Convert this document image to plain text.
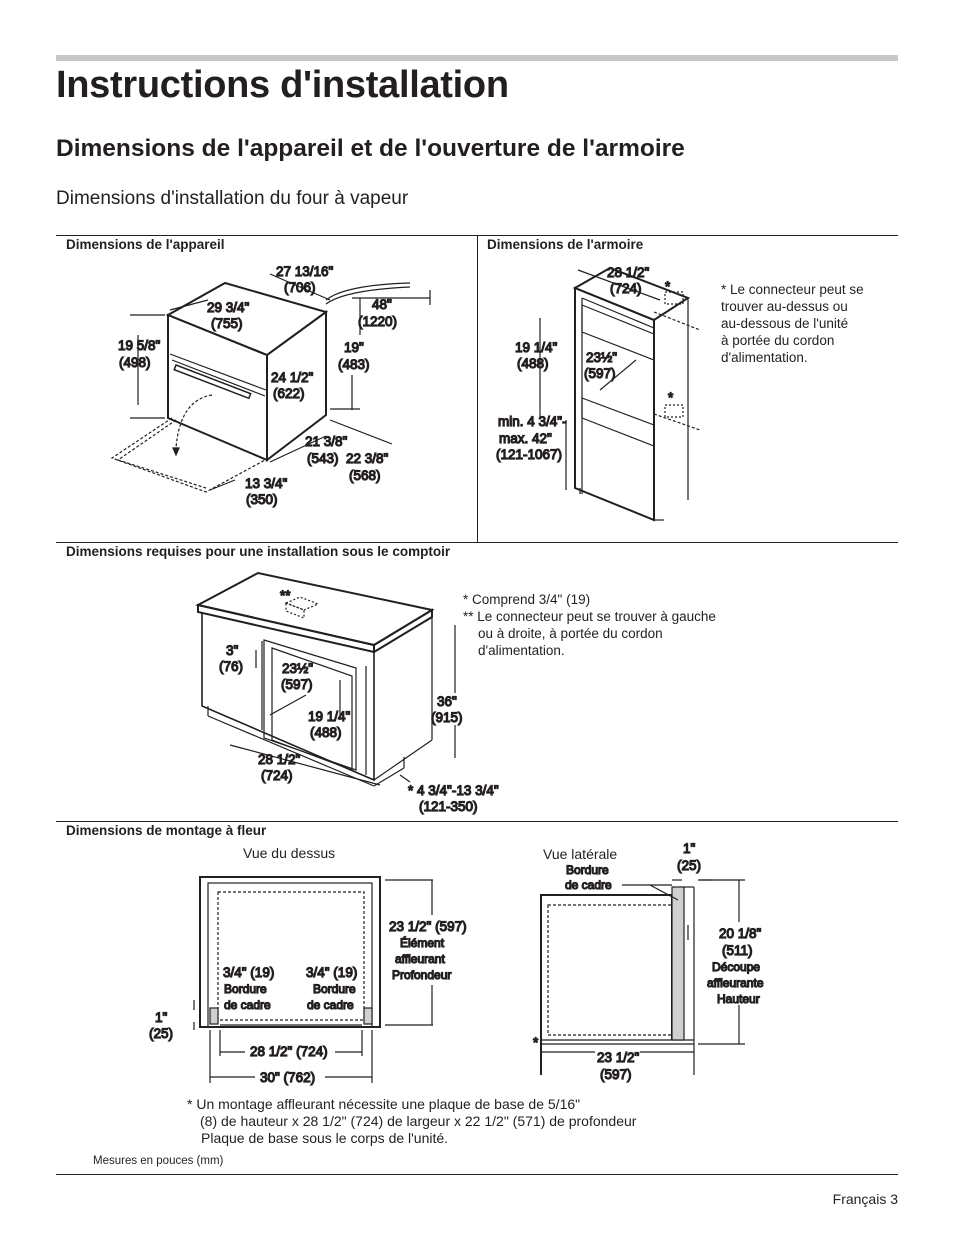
Instructions d'installation
Dimensions de l'appareil et de l'ouverture de l'armoire
Dimensions d'installation du four à vapeur
Dimensions de l'appareil	Dimensions de l'armoire
Dimensions requises pour une installation sous le comptoir
Dimensions de montage à fleur
27 13/16"
(706)
29 3/4"
(755)
19 5/8"
(498)
48"
(1220)
19"
(483)
24 1/2"
(622)
21 3/8"
(543) 22 3/8"
(568)
13 3/4"
(350)
28 1/2"
(724) *
*
19 1/4"
(488)	23½"
(597)
min. 4 3/4"-
max. 42"
(121-1067)
**
3"
(76)	23½"
(597)
19 1/4"
(488)
28 1/2"
(724)
36"
(915)
* 4 3/4"-13 3/4"
(121-350)
23 1/2" (597)
Élément
affleurant
Profondeur
3/4" (19)
Bordure
de cadre
3/4" (19)
Bordure
de cadre
1"
(25)
28 1/2" (724)
30" (762)
Bordure
de cadre
1"
(25)
20 1/8"
(511)
Découpe
affleurante
Hauteur
*
23 1/2"
(597)
* Le connecteur peut se
trouver au-dessus ou
au-dessous de l'unité
à portée du cordon
d'alimentation.
* Comprend 3/4" (19)
** Le connecteur peut se trouver à gauche
ou à droite, à portée du cordon
d'alimentation.
Vue du dessus	Vue latérale
* Un montage affleurant nécessite une plaque de base de 5/16"
(8) de hauteur x 28 1/2" (724) de largeur x 22 1/2" (571) de profondeur
Plaque de base sous le corps de l'unité.
Mesures en pouces (mm)
Français 3
